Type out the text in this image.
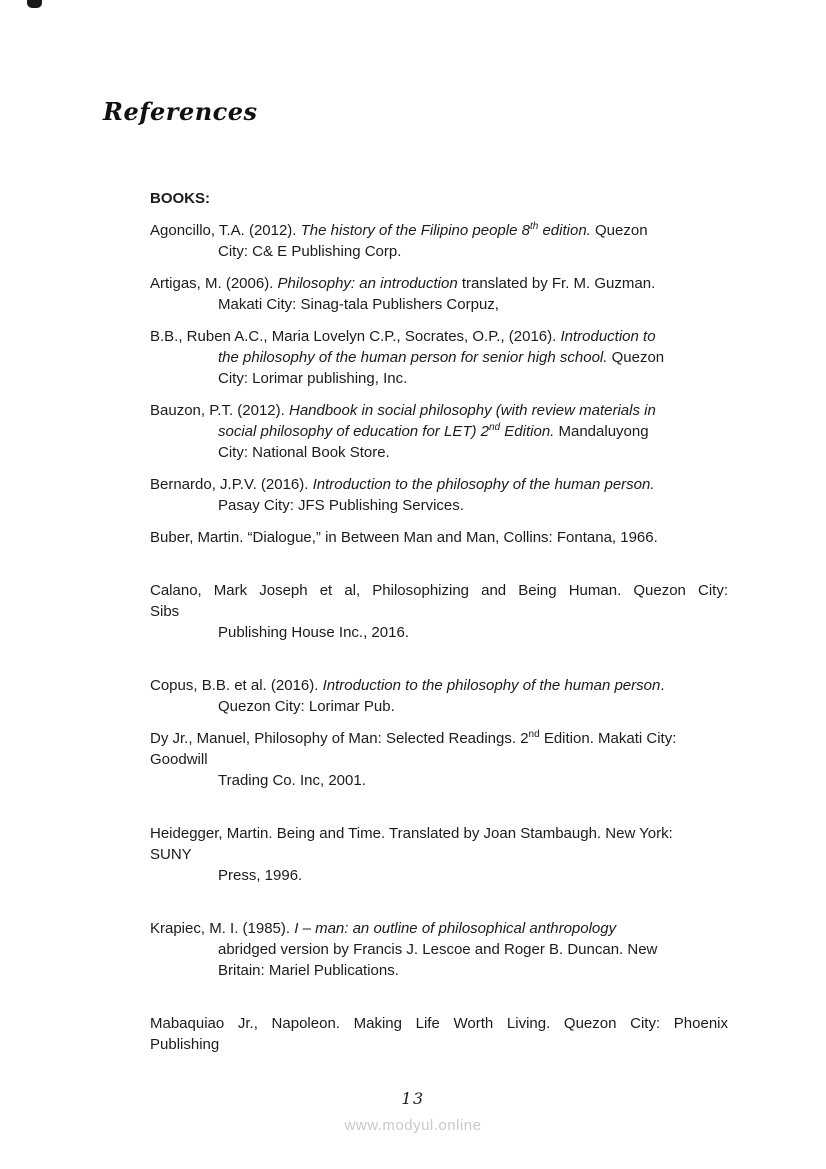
References
BOOKS:
Agoncillo, T.A. (2012). The history of the Filipino people 8th edition. Quezon
City: C& E Publishing Corp.
Artigas, M. (2006). Philosophy: an introduction translated by Fr. M. Guzman.
Makati City: Sinag-tala Publishers Corpuz,
B.B., Ruben A.C., Maria Lovelyn C.P., Socrates, O.P., (2016). Introduction to
the philosophy of the human person for senior high school. Quezon
City: Lorimar publishing, Inc.
Bauzon, P.T. (2012). Handbook in social philosophy (with review materials in
social philosophy of education for LET) 2nd Edition. Mandaluyong
City: National Book Store.
Bernardo, J.P.V. (2016). Introduction to the philosophy of the human person.
Pasay City: JFS Publishing Services.
Buber, Martin. “Dialogue,” in Between Man and Man, Collins: Fontana, 1966.
Calano, Mark Joseph et al, Philosophizing and Being Human. Quezon City:
Sibs
Publishing House Inc., 2016.
Copus, B.B. et al. (2016). Introduction to the philosophy of the human person.
Quezon City: Lorimar Pub.
Dy Jr., Manuel, Philosophy of Man: Selected Readings. 2nd Edition. Makati City:
Goodwill
Trading Co. Inc, 2001.
Heidegger, Martin. Being and Time. Translated by Joan Stambaugh. New York:
SUNY
Press, 1996.
Krapiec, M. I. (1985). I – man: an outline of philosophical anthropology
abridged version by Francis J. Lescoe and Roger B. Duncan. New
Britain: Mariel Publications.
Mabaquiao Jr., Napoleon. Making Life Worth Living. Quezon City: Phoenix
Publishing
13
www.modyul.online
